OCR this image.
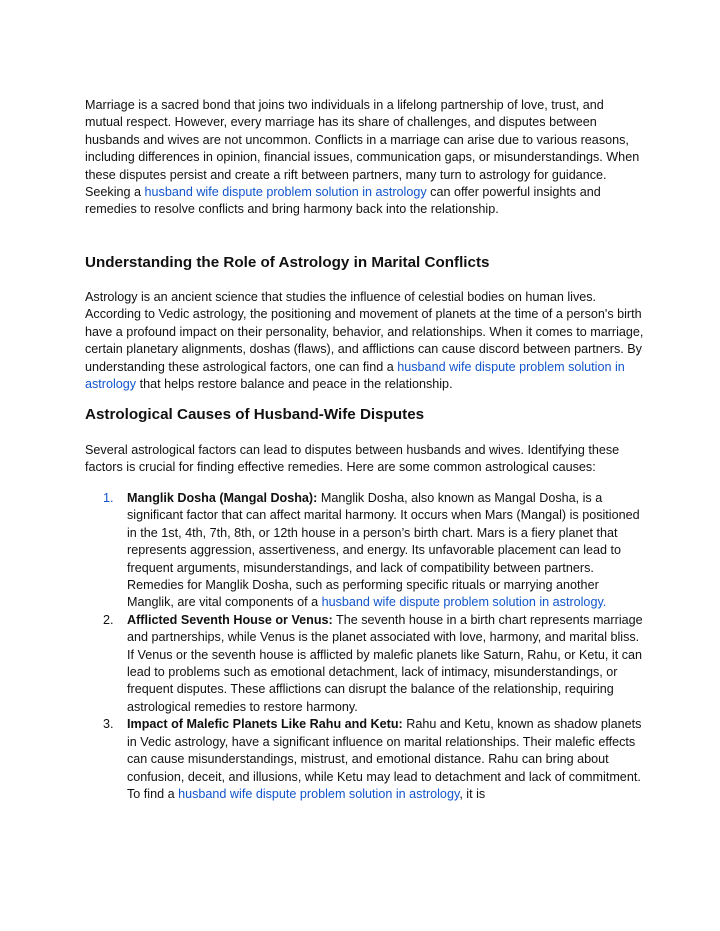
Marriage is a sacred bond that joins two individuals in a lifelong partnership of love, trust, and mutual respect. However, every marriage has its share of challenges, and disputes between husbands and wives are not uncommon. Conflicts in a marriage can arise due to various reasons, including differences in opinion, financial issues, communication gaps, or misunderstandings. When these disputes persist and create a rift between partners, many turn to astrology for guidance. Seeking a husband wife dispute problem solution in astrology can offer powerful insights and remedies to resolve conflicts and bring harmony back into the relationship.

Understanding the Role of Astrology in Marital Conflicts

Astrology is an ancient science that studies the influence of celestial bodies on human lives. According to Vedic astrology, the positioning and movement of planets at the time of a person's birth have a profound impact on their personality, behavior, and relationships. When it comes to marriage, certain planetary alignments, doshas (flaws), and afflictions can cause discord between partners. By understanding these astrological factors, one can find a husband wife dispute problem solution in astrology that helps restore balance and peace in the relationship.

Astrological Causes of Husband-Wife Disputes

Several astrological factors can lead to disputes between husbands and wives. Identifying these factors is crucial for finding effective remedies. Here are some common astrological causes:

1. Manglik Dosha (Mangal Dosha): Manglik Dosha, also known as Mangal Dosha, is a significant factor that can affect marital harmony. It occurs when Mars (Mangal) is positioned in the 1st, 4th, 7th, 8th, or 12th house in a person’s birth chart. Mars is a fiery planet that represents aggression, assertiveness, and energy. Its unfavorable placement can lead to frequent arguments, misunderstandings, and lack of compatibility between partners. Remedies for Manglik Dosha, such as performing specific rituals or marrying another Manglik, are vital components of a husband wife dispute problem solution in astrology.
2. Afflicted Seventh House or Venus: The seventh house in a birth chart represents marriage and partnerships, while Venus is the planet associated with love, harmony, and marital bliss. If Venus or the seventh house is afflicted by malefic planets like Saturn, Rahu, or Ketu, it can lead to problems such as emotional detachment, lack of intimacy, misunderstandings, or frequent disputes. These afflictions can disrupt the balance of the relationship, requiring astrological remedies to restore harmony.
3. Impact of Malefic Planets Like Rahu and Ketu: Rahu and Ketu, known as shadow planets in Vedic astrology, have a significant influence on marital relationships. Their malefic effects can cause misunderstandings, mistrust, and emotional distance. Rahu can bring about confusion, deceit, and illusions, while Ketu may lead to detachment and lack of commitment. To find a husband wife dispute problem solution in astrology, it is
